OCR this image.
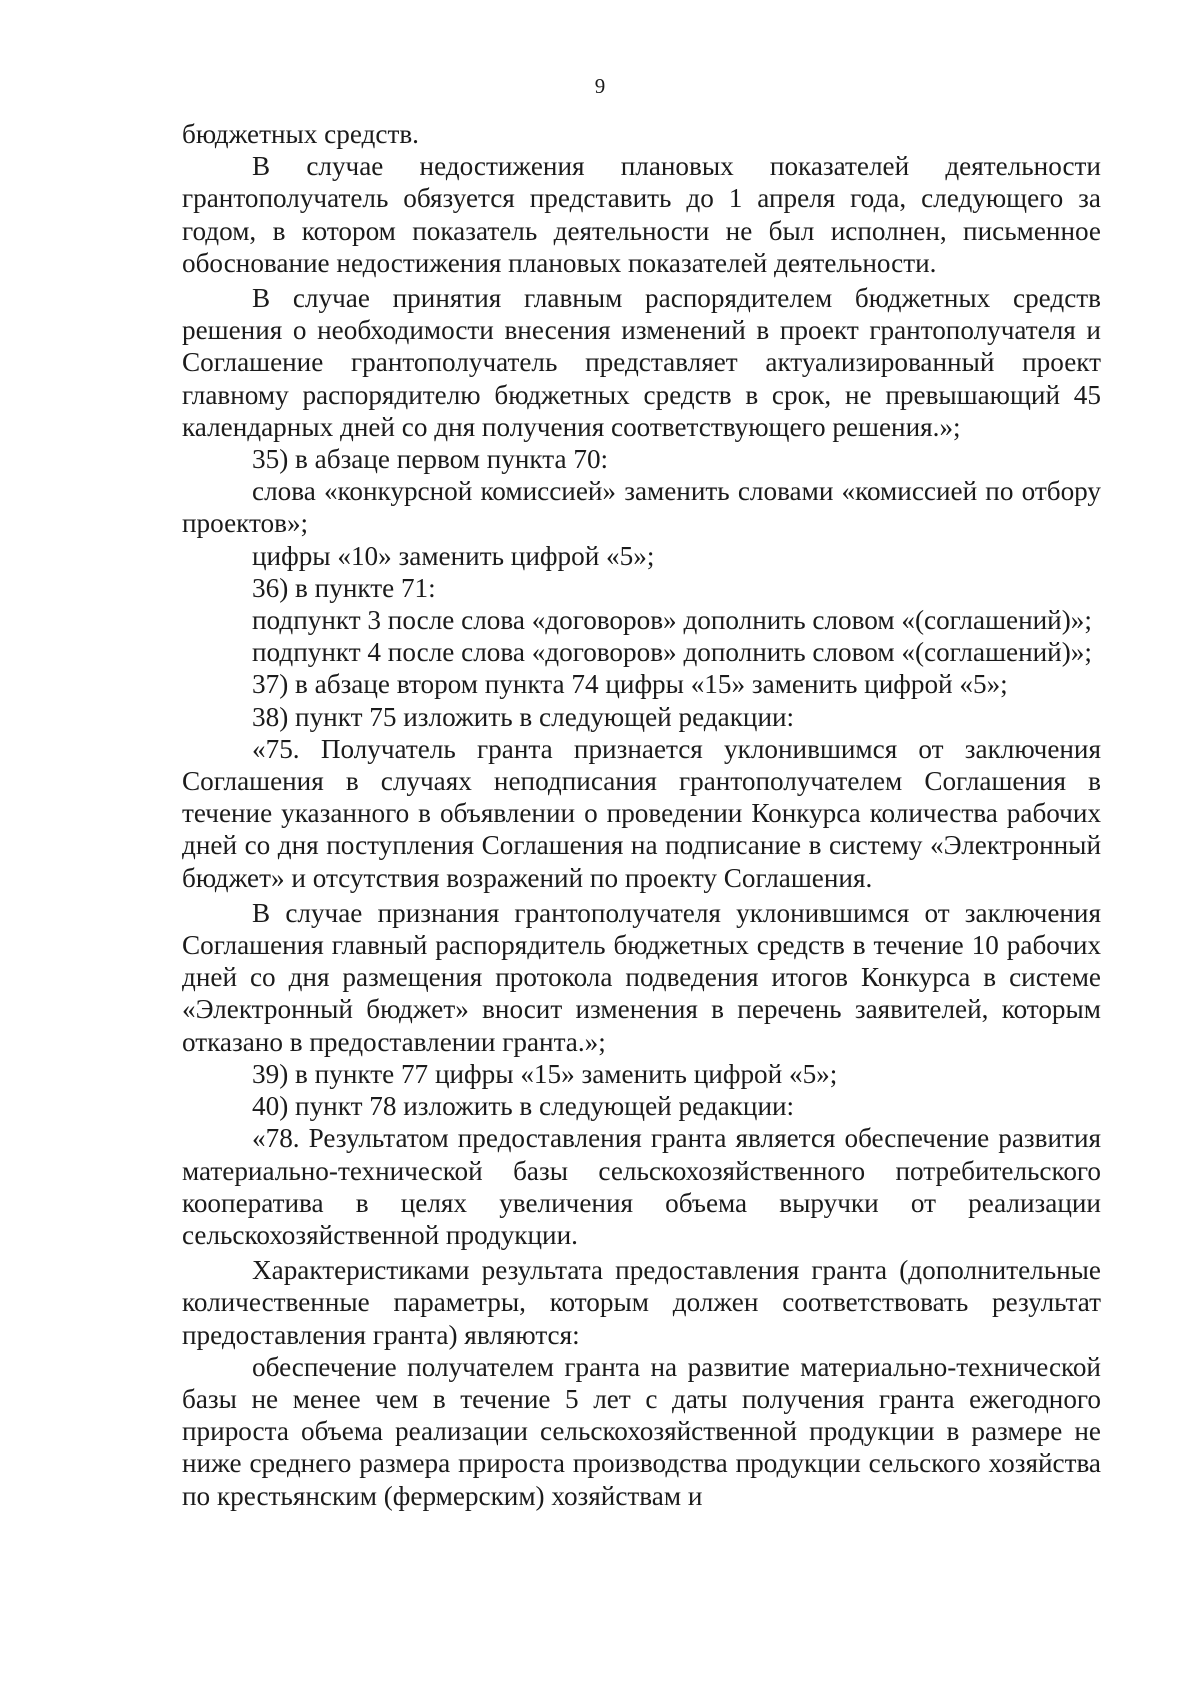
9

бюджетных средств.

В случае недостижения плановых показателей деятельности грантополучатель обязуется представить до 1 апреля года, следующего за годом, в котором показатель деятельности не был исполнен, письменное обоснование недостижения плановых показателей деятельности.

В случае принятия главным распорядителем бюджетных средств решения о необходимости внесения изменений в проект грантополучателя и Соглашение грантополучатель представляет актуализированный проект главному распорядителю бюджетных средств в срок, не превышающий 45 календарных дней со дня получения соответствующего решения.»;

35) в абзаце первом пункта 70:

слова «конкурсной комиссией» заменить словами «комиссией по отбору проектов»;

цифры «10» заменить цифрой «5»;

36) в пункте 71:

подпункт 3 после слова «договоров» дополнить словом «(соглашений)»;

подпункт 4 после слова «договоров» дополнить словом «(соглашений)»;

37) в абзаце втором пункта 74 цифры «15» заменить цифрой «5»;

38) пункт 75 изложить в следующей редакции:

«75. Получатель гранта признается уклонившимся от заключения Соглашения в случаях неподписания грантополучателем Соглашения в течение указанного в объявлении о проведении Конкурса количества рабочих дней со дня поступления Соглашения на подписание в систему «Электронный бюджет» и отсутствия возражений по проекту Соглашения.

В случае признания грантополучателя уклонившимся от заключения Соглашения главный распорядитель бюджетных средств в течение 10 рабочих дней со дня размещения протокола подведения итогов Конкурса в системе «Электронный бюджет» вносит изменения в перечень заявителей, которым отказано в предоставлении гранта.»;

39) в пункте 77 цифры «15» заменить цифрой «5»;

40) пункт 78 изложить в следующей редакции:

«78. Результатом предоставления гранта является обеспечение развития материально-технической базы сельскохозяйственного потребительского кооператива в целях увеличения объема выручки от реализации сельскохозяйственной продукции.

Характеристиками результата предоставления гранта (дополнительные количественные параметры, которым должен соответствовать результат предоставления гранта) являются:

обеспечение получателем гранта на развитие материально-технической базы не менее чем в течение 5 лет с даты получения гранта ежегодного прироста объема реализации сельскохозяйственной продукции в размере не ниже среднего размера прироста производства продукции сельского хозяйства по крестьянским (фермерским) хозяйствам и
